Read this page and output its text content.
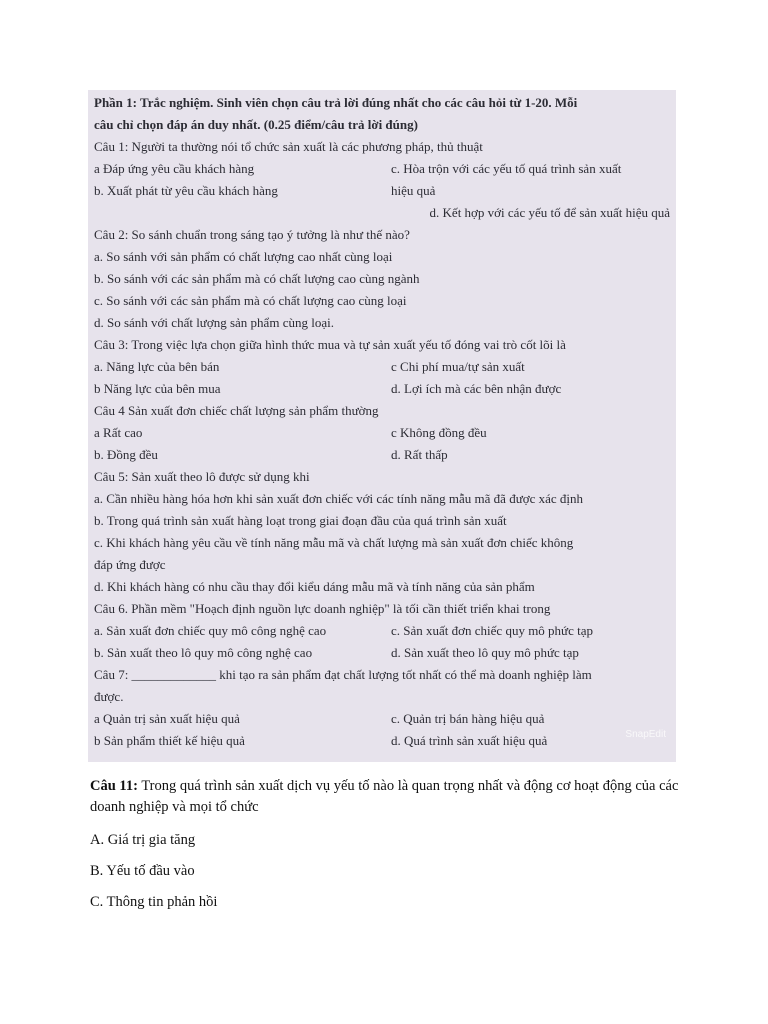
SnapEdit
Phần 1: Trắc nghiệm. Sinh viên chọn câu trả lời đúng nhất cho các câu hỏi từ 1-20. Mỗi
câu chỉ chọn đáp án duy nhất. (0.25 điểm/câu trả lời đúng)
Câu 1: Người ta thường nói tổ chức sản xuất là các phương pháp, thủ thuật
a Đáp ứng yêu cầu khách hàng	c. Hòa trộn với các yếu tố quá trình sản xuất
b. Xuất phát từ yêu cầu khách hàng	hiệu quả
d. Kết hợp với các yếu tố để sản xuất hiệu quả
Câu 2: So sánh chuẩn trong sáng tạo ý tưởng là như thế nào?
a. So sánh với sản phẩm có chất lượng cao nhất cùng loại
b. So sánh với các sản phẩm mà có chất lượng cao cùng ngành
c. So sánh với các sản phẩm mà có chất lượng cao cùng loại
d. So sánh với chất lượng sản phẩm cùng loại.
Câu 3: Trong việc lựa chọn giữa hình thức mua và tự sản xuất yếu tố đóng vai trò cốt lõi là
a. Năng lực của bên bán	c Chi phí mua/tự sản xuất
b Năng lực của bên mua	d. Lợi ích mà các bên nhận được
Câu 4 Sản xuất đơn chiếc chất lượng sản phẩm thường
a Rất cao	c Không đồng đều
b. Đồng đều	d. Rất thấp
Câu 5: Sản xuất theo lô được sử dụng khi
a. Cần nhiều hàng hóa hơn khi sản xuất đơn chiếc với các tính năng mẫu mã đã được xác định
b. Trong quá trình sản xuất hàng loạt trong giai đoạn đầu của quá trình sản xuất
c. Khi khách hàng yêu cầu về tính năng mẫu mã và chất lượng mà sản xuất đơn chiếc không
đáp ứng được
d. Khi khách hàng có nhu cầu thay đổi kiểu dáng mẫu mã và tính năng của sản phẩm
Câu 6. Phần mềm "Hoạch định nguồn lực doanh nghiệp" là tối cần thiết triển khai trong
a. Sản xuất đơn chiếc quy mô công nghệ cao	c. Sản xuất đơn chiếc quy mô phức tạp
b. Sản xuất theo lô quy mô công nghệ cao	d. Sản xuất theo lô quy mô phức tạp
Câu 7: _____________ khi tạo ra sản phẩm đạt chất lượng tốt nhất có thể mà doanh nghiệp làm
được.
a Quản trị sản xuất hiệu quả	c. Quản trị bán hàng hiệu quả
b Sản phẩm thiết kế hiệu quả	d. Quá trình sản xuất hiệu quả
Câu 11: Trong quá trình sản xuất dịch vụ yếu tố nào là quan trọng nhất và động cơ hoạt động của các doanh nghiệp và mọi tổ chức
A. Giá trị gia tăng
B. Yếu tố đầu vào
C. Thông tin phản hồi
